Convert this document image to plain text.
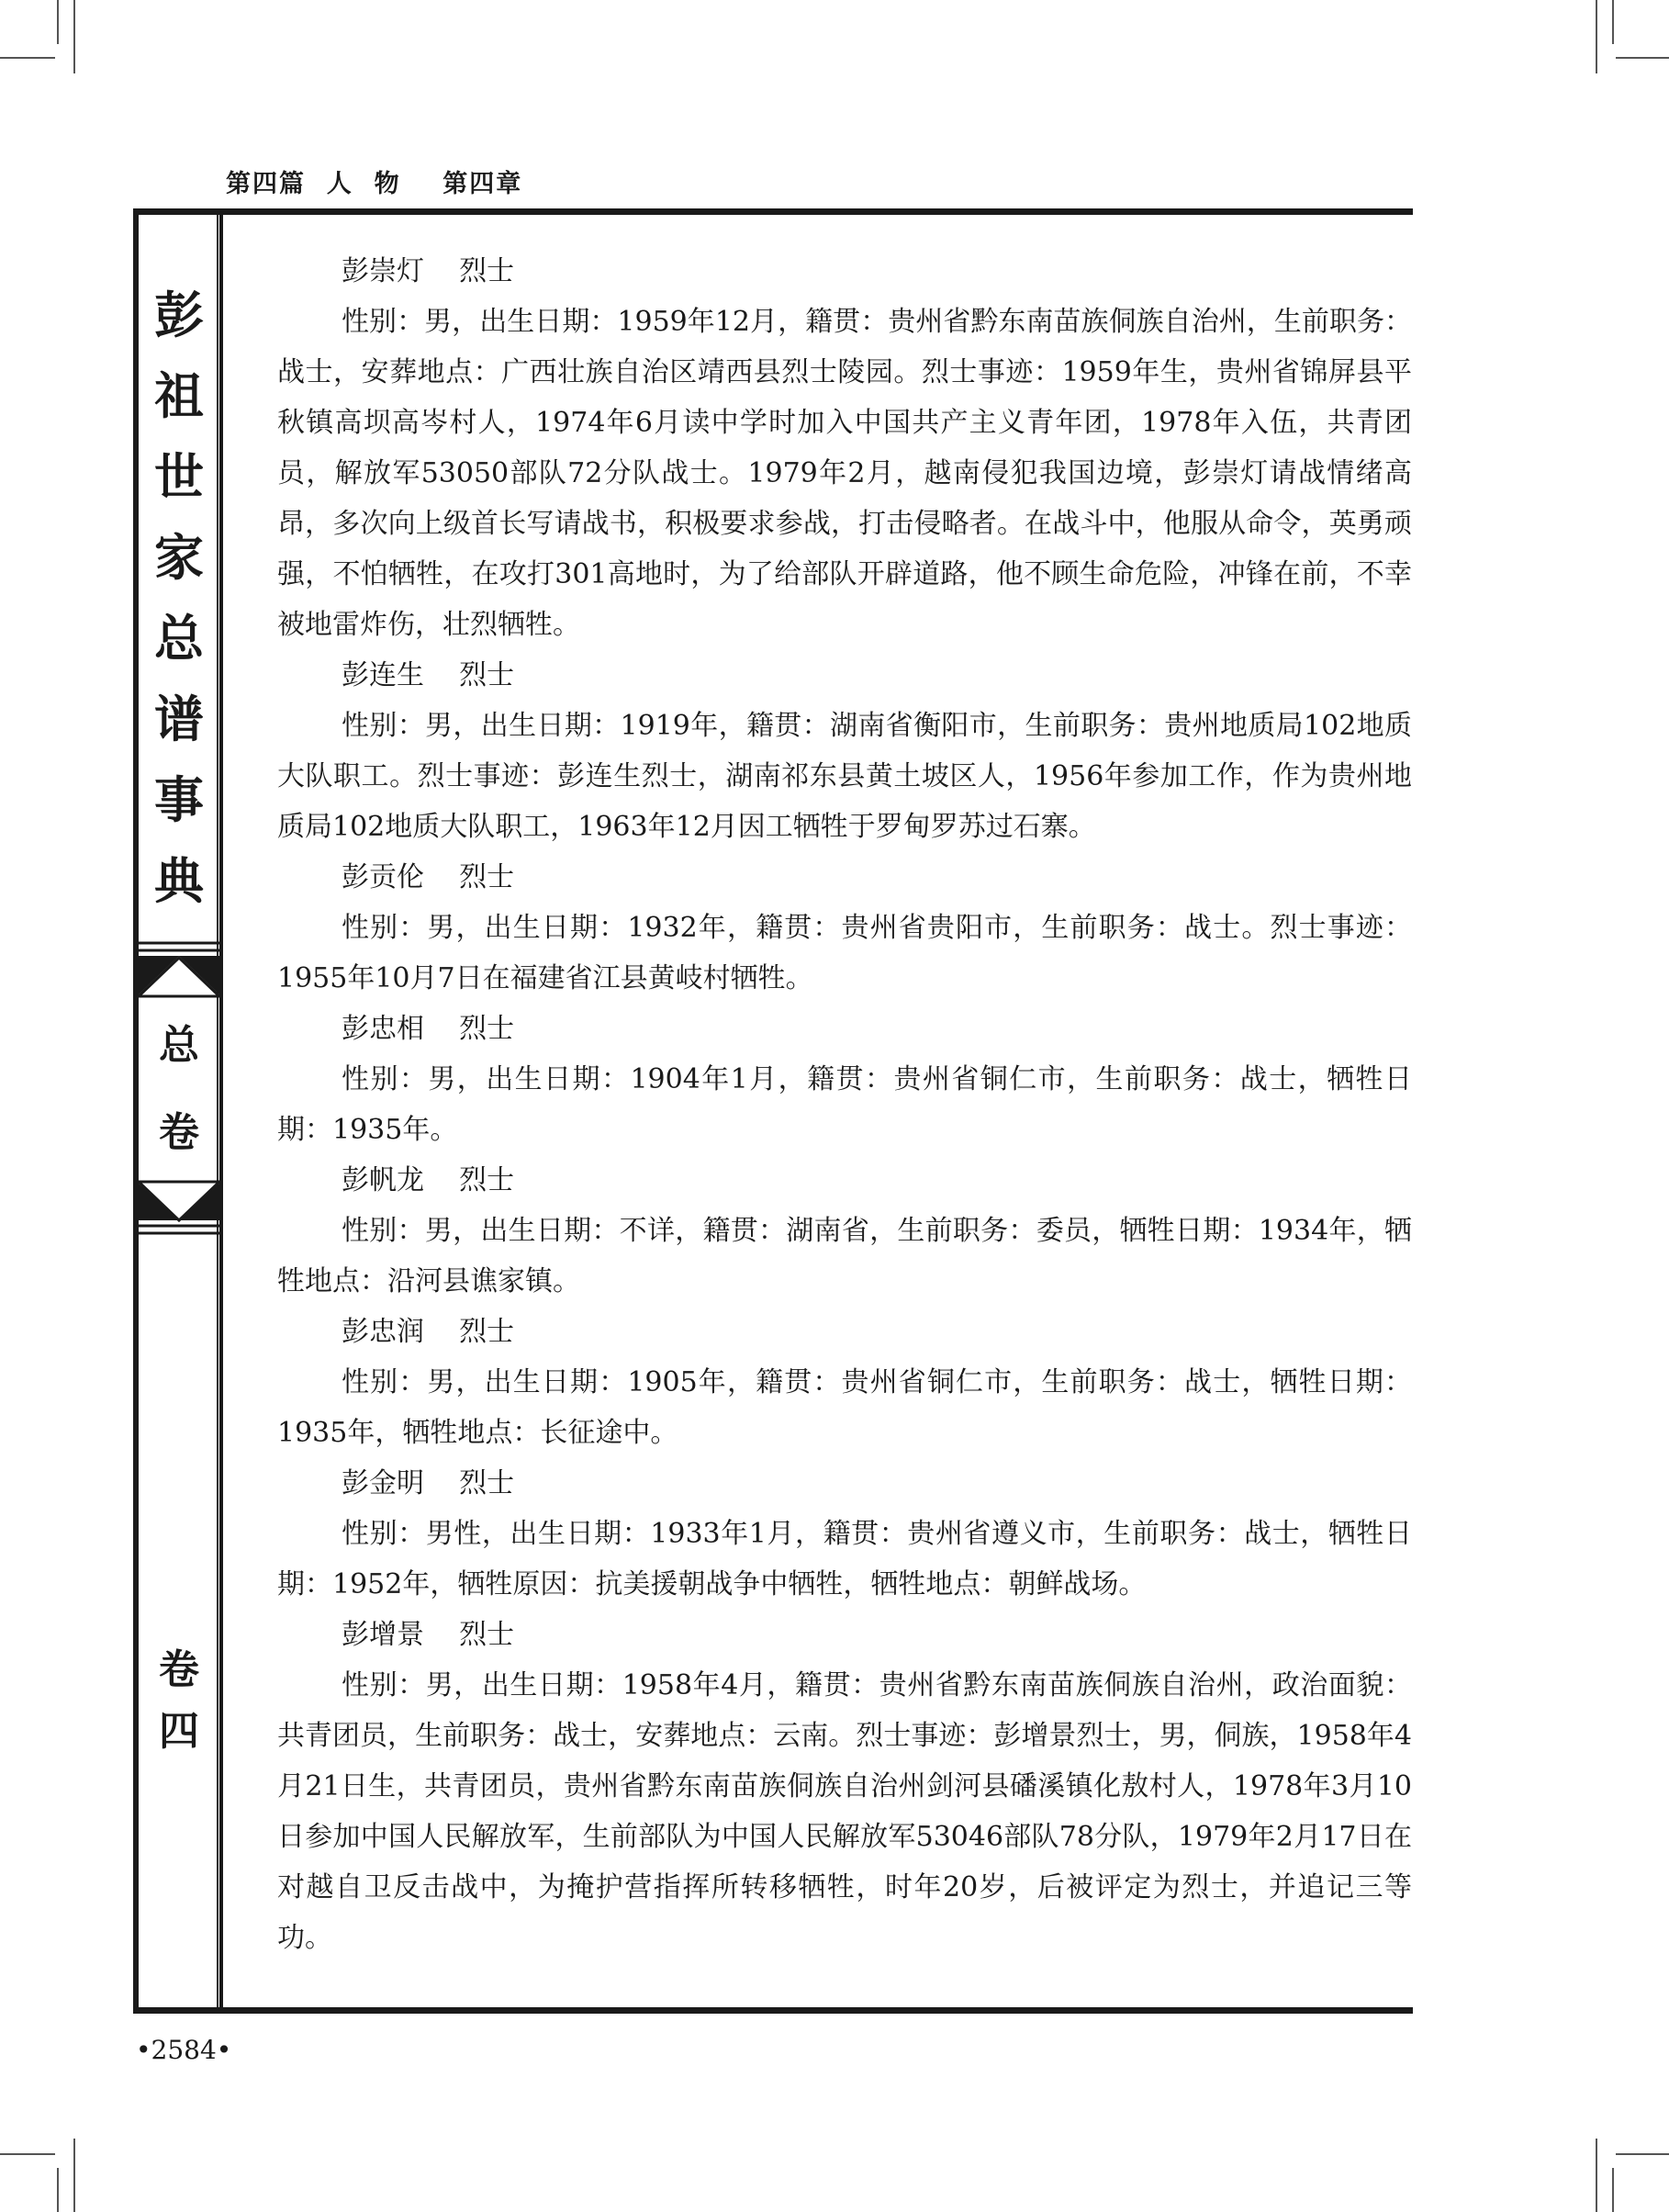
第四篇  人  物    第四章
彭
祖
世
家
总
谱
事
典
总
卷
卷
四
彭崇灯    烈士

性别：男，出生日期：1959年12月，籍贯：贵州省黔东南苗族侗族自治州，生前职务：战士，安葬地点：广西壮族自治区靖西县烈士陵园。烈士事迹：1959年生，贵州省锦屏县平秋镇高坝高岑村人，1974年6月读中学时加入中国共产主义青年团，1978年入伍，共青团员，解放军53050部队72分队战士。1979年2月，越南侵犯我国边境，彭崇灯请战情绪高昂，多次向上级首长写请战书，积极要求参战，打击侵略者。在战斗中，他服从命令，英勇顽强，不怕牺牲，在攻打301高地时，为了给部队开辟道路，他不顾生命危险，冲锋在前，不幸被地雷炸伤，壮烈牺牲。

彭连生    烈士

性别：男，出生日期：1919年，籍贯：湖南省衡阳市，生前职务：贵州地质局102地质大队职工。烈士事迹：彭连生烈士，湖南祁东县黄土坡区人，1956年参加工作，作为贵州地质局102地质大队职工，1963年12月因工牺牲于罗甸罗苏过石寨。

彭贡伦    烈士

性别：男，出生日期：1932年，籍贯：贵州省贵阳市，生前职务：战士。烈士事迹：1955年10月7日在福建省江县黄岐村牺牲。

彭忠相    烈士

性别：男，出生日期：1904年1月，籍贯：贵州省铜仁市，生前职务：战士，牺牲日期：1935年。

彭帆龙    烈士

性别：男，出生日期：不详，籍贯：湖南省，生前职务：委员，牺牲日期：1934年，牺牲地点：沿河县谯家镇。

彭忠润    烈士

性别：男，出生日期：1905年，籍贯：贵州省铜仁市，生前职务：战士，牺牲日期：1935年，牺牲地点：长征途中。

彭金明    烈士

性别：男性，出生日期：1933年1月，籍贯：贵州省遵义市，生前职务：战士，牺牲日期：1952年，牺牲原因：抗美援朝战争中牺牲，牺牲地点：朝鲜战场。

彭增景    烈士

性别：男，出生日期：1958年4月，籍贯：贵州省黔东南苗族侗族自治州，政治面貌：共青团员，生前职务：战士，安葬地点：云南。烈士事迹：彭增景烈士，男，侗族，1958年4月21日生，共青团员，贵州省黔东南苗族侗族自治州剑河县磻溪镇化敖村人，1978年3月10日参加中国人民解放军，生前部队为中国人民解放军53046部队78分队，1979年2月17日在对越自卫反击战中，为掩护营指挥所转移牺牲，时年20岁，后被评定为烈士，并追记三等功。

•2584•
